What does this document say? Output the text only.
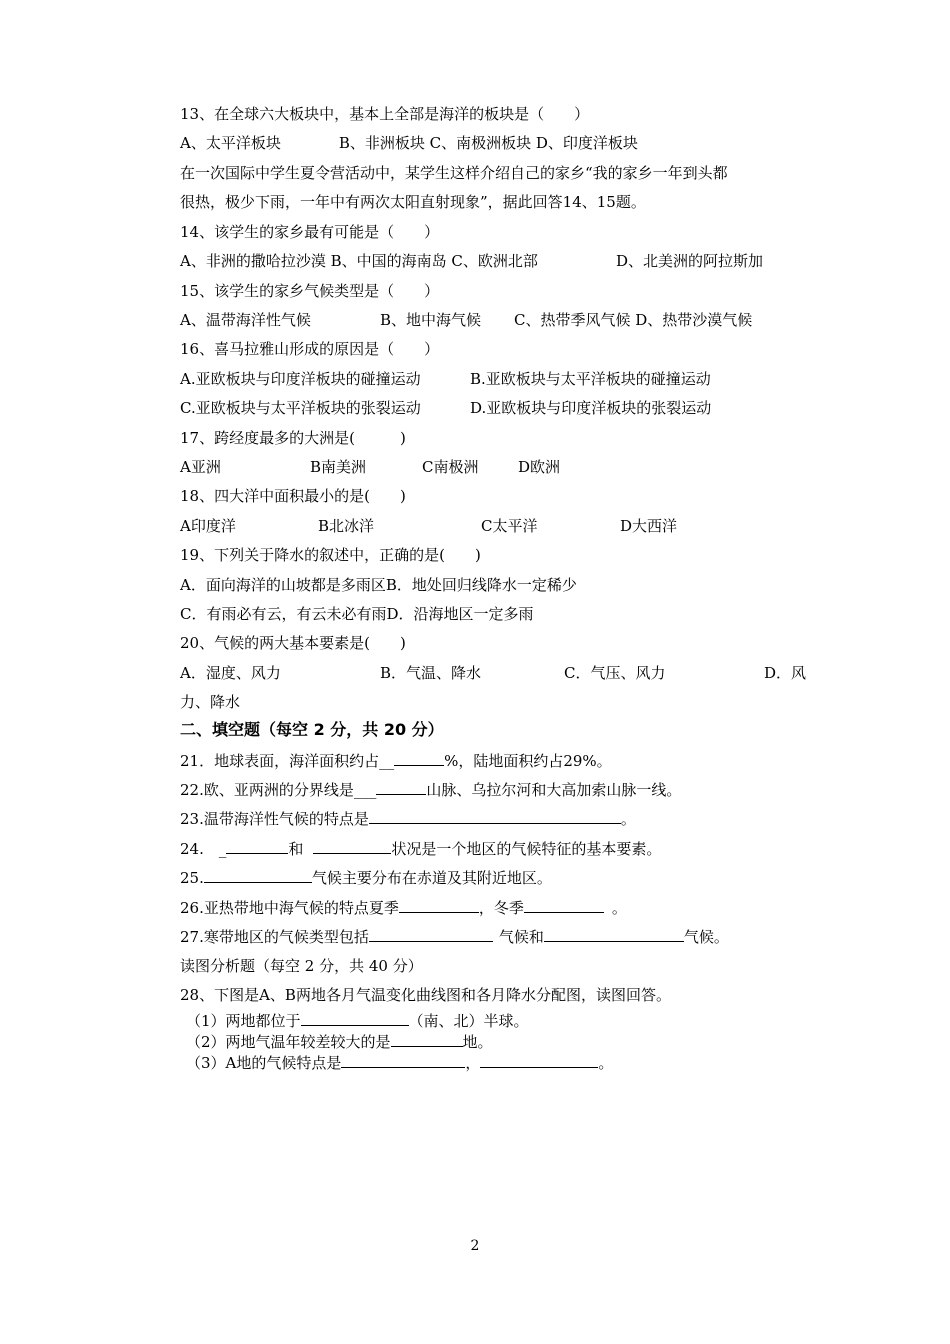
13、在全球六大板块中，基本上全部是海洋的板块是（　　）
A、太平洋板块	B、非洲板块 C、南极洲板块 D、印度洋板块
在一次国际中学生夏令营活动中，某学生这样介绍自己的家乡“我的家乡一年到头都
很热，极少下雨，一年中有两次太阳直射现象”，据此回答14、15题。
14、该学生的家乡最有可能是（　　）
A、非洲的撒哈拉沙漠 B、中国的海南岛 C、欧洲北部	D、北美洲的阿拉斯加
15、该学生的家乡气候类型是（　　）
A、温带海洋性气候	B、地中海气候 C、热带季风气候 D、热带沙漠气候
16、喜马拉雅山形成的原因是（　　）
A.亚欧板块与印度洋板块的碰撞运动	B.亚欧板块与太平洋板块的碰撞运动
C.亚欧板块与太平洋板块的张裂运动	D.亚欧板块与印度洋板块的张裂运动
17、跨经度最多的大洲是(　　　)
A亚洲	B南美洲	C南极洲	D欧洲
18、四大洋中面积最小的是(　　)
A印度洋	B北冰洋	C太平洋	D大西洋
19、下列关于降水的叙述中，正确的是(　　)
A．面向海洋的山坡都是多雨区B．地处回归线降水一定稀少
C．有雨必有云，有云未必有雨D．沿海地区一定多雨
20、气候的两大基本要素是(　　)
A．湿度、风力	B．气温、降水	C．气压、风力	D．风
力、降水
二、填空题（每空 2 分，共 20 分）
21．地球表面，海洋面积约占__	%，陆地面积约占29%。
22.欧、亚两洲的分界线是___	山脉、乌拉尔河和大高加索山脉一线。
23.温带海洋性气候的特点是	。
24.　_	和	状况是一个地区的气候特征的基本要素。
25.	气候主要分布在赤道及其附近地区。
26.亚热带地中海气候的特点夏季	，冬季	。
27.寒带地区的气候类型包括	气候和	气候。
读图分析题（每空 2 分，共 40 分）
28、下图是A、B两地各月气温变化曲线图和各月降水分配图，读图回答。
（1）两地都位于	（南、北）半球。
（2）两地气温年较差较大的是	地。
（3）A地的气候特点是	，	。
2
